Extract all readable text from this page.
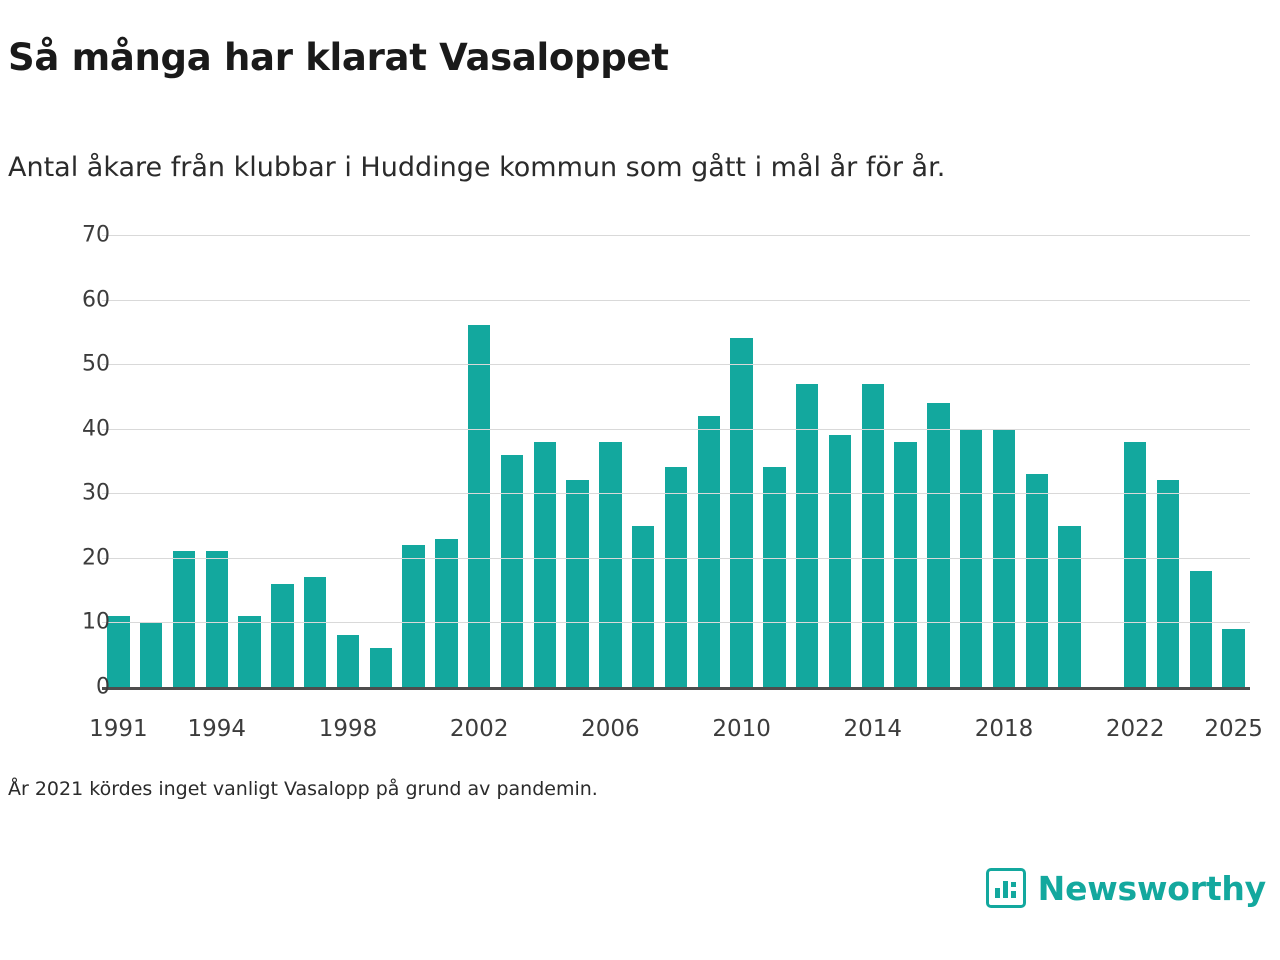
Så många har klarat Vasaloppet
Antal åkare från klubbar i Huddinge kommun som gått i mål år för år.
0
10
20
30
40
50
60
70
1991 1994	1998	2002	2006	2010	2014	2018	2022 2025
År 2021 kördes inget vanligt Vasalopp på grund av pandemin.
Newsworthy
